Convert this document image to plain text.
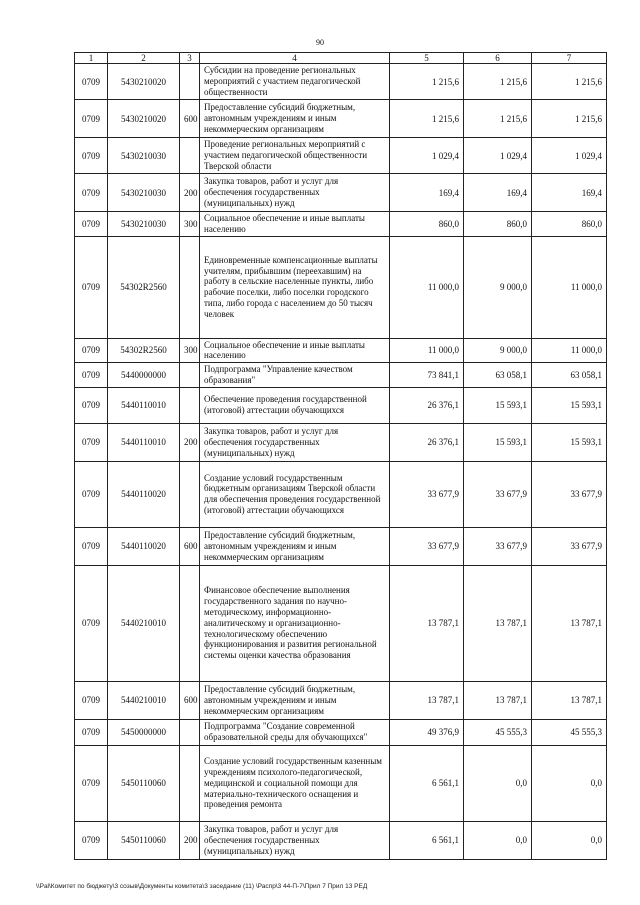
90
1	2	3	4	5	6	7
0709	5430210020		Субсидии на проведение региональных мероприятий с участием педагогической общественности	1 215,6	1 215,6	1 215,6
0709	5430210020	600	Предоставление субсидий бюджетным, автономным учреждениям и иным некоммерческим организациям	1 215,6	1 215,6	1 215,6
0709	5430210030		Проведение региональных мероприятий с участием педагогической общественности Тверской области	1 029,4	1 029,4	1 029,4
0709	5430210030	200	Закупка товаров, работ и услуг для обеспечения государственных (муниципальных) нужд	169,4	169,4	169,4
0709	5430210030	300	Социальное обеспечение и иные выплаты населению	860,0	860,0	860,0
0709	54302R2560		Единовременные компенсационные выплаты учителям, прибывшим (переехавшим) на работу в сельские населенные пункты, либо рабочие поселки, либо поселки городского типа, либо города с населением до 50 тысяч человек	11 000,0	9 000,0	11 000,0
0709	54302R2560	300	Социальное обеспечение и иные выплаты населению	11 000,0	9 000,0	11 000,0
0709	5440000000		Подпрограмма "Управление качеством образования"	73 841,1	63 058,1	63 058,1
0709	5440110010		Обеспечение проведения государственной (итоговой) аттестации обучающихся	26 376,1	15 593,1	15 593,1
0709	5440110010	200	Закупка товаров, работ и услуг для обеспечения государственных (муниципальных) нужд	26 376,1	15 593,1	15 593,1
0709	5440110020		Создание условий государственным бюджетным организациям Тверской области для обеспечения проведения государственной (итоговой) аттестации обучающихся	33 677,9	33 677,9	33 677,9
0709	5440110020	600	Предоставление субсидий бюджетным, автономным учреждениям и иным некоммерческим организациям	33 677,9	33 677,9	33 677,9
0709	5440210010		Финансовое обеспечение выполнения государственного задания по научно-методическому, информационно-аналитическому и организационно-технологическому обеспечению функционирования и развития региональной системы оценки качества образования	13 787,1	13 787,1	13 787,1
0709	5440210010	600	Предоставление субсидий бюджетным, автономным учреждениям и иным некоммерческим организациям	13 787,1	13 787,1	13 787,1
0709	5450000000		Подпрограмма "Создание современной образовательной среды для обучающихся"	49 376,9	45 555,3	45 555,3
0709	5450110060		Создание условий государственным казенным учреждениям психолого-педагогической, медицинской и социальной помощи для материально-технического оснащения и проведения ремонта	6 561,1	0,0	0,0
0709	5450110060	200	Закупка товаров, работ и услуг для обеспечения государственных (муниципальных) нужд	6 561,1	0,0	0,0
\\Pal\Комитет по бюджету\3 созыв\Документы комитета\3 заседание (11) \Распр\3 44-П-7\Прил 7 Прил 13 РЕД
